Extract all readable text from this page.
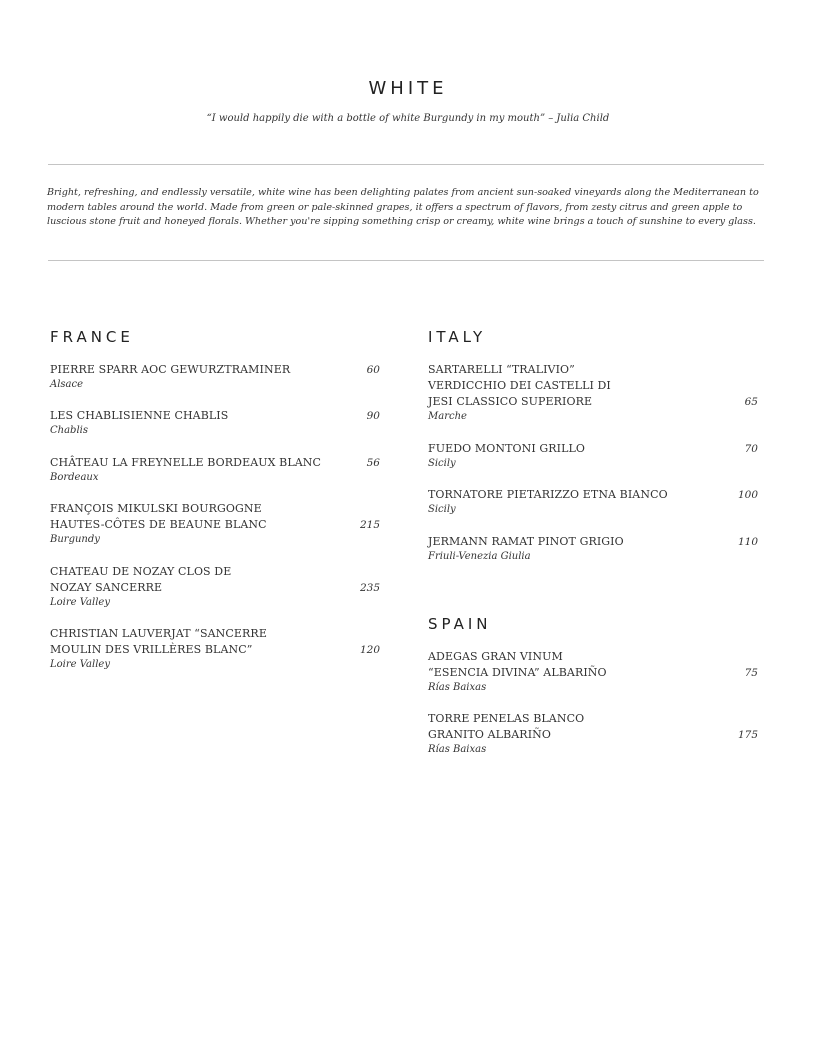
WHITE
“I would happily die with a bottle of white Burgundy in my mouth” – Julia Child
Bright, refreshing, and endlessly versatile, white wine has been delighting palates from ancient sun-soaked vineyards along the Mediterranean to modern tables around the world. Made from green or pale-skinned grapes, it offers a spectrum of flavors, from zesty citrus and green apple to luscious stone fruit and honeyed florals. Whether you're sipping something crisp or creamy, white wine brings a touch of sunshine to every glass.
FRANCE
PIERRE SPARR AOC GEWURZTRAMINER	60
Alsace
LES CHABLISIENNE CHABLIS	90
Chablis
CHÂTEAU LA FREYNELLE BORDEAUX BLANC	56
Bordeaux
FRANÇOIS MIKULSKI BOURGOGNE
HAUTES-CÔTES DE BEAUNE BLANC	215
Burgundy
CHATEAU DE NOZAY CLOS DE
NOZAY SANCERRE	235
Loire Valley
CHRISTIAN LAUVERJAT “SANCERRE
MOULIN DES VRILLÈRES BLANC”	120
Loire Valley
ITALY
SARTARELLI “TRALIVIO”
VERDICCHIO DEI CASTELLI DI
JESI CLASSICO SUPERIORE	65
Marche
FUEDO MONTONI GRILLO	70
Sicily
TORNATORE PIETARIZZO ETNA BIANCO	100
Sicily
JERMANN RAMAT PINOT GRIGIO	110
Friuli-Venezia Giulia
SPAIN
ADEGAS GRAN VINUM
“ESENCIA DIVINA” ALBARIÑO	75
Rías Baixas
TORRE PENELAS BLANCO
GRANITO ALBARIÑO	175
Rías Baixas
